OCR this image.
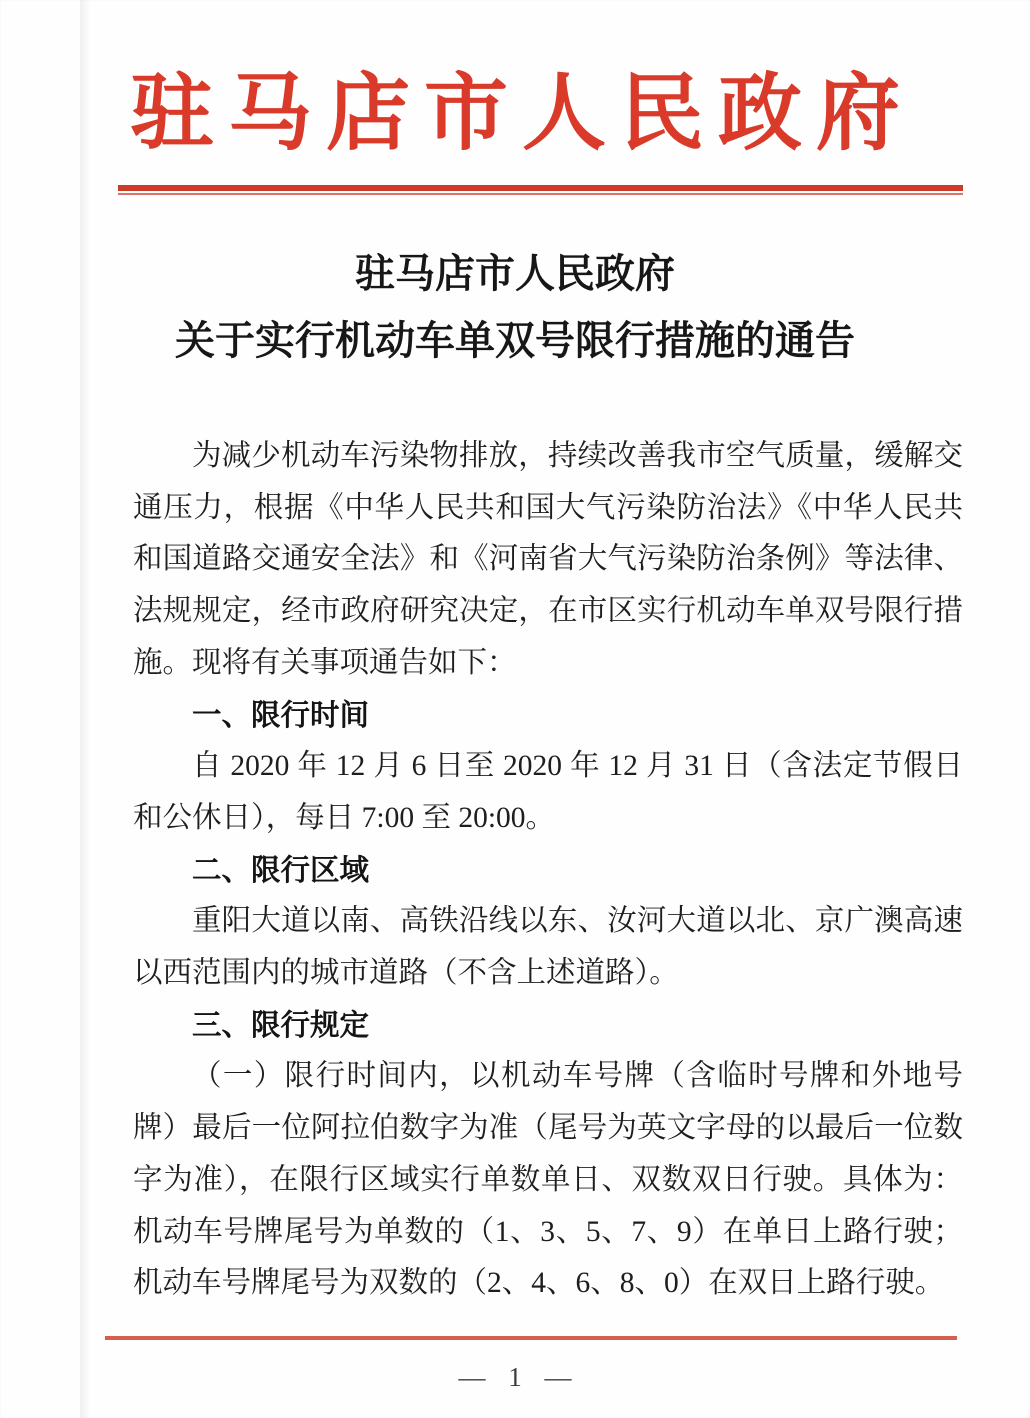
驻马店市人民政府
驻马店市人民政府
关于实行机动车单双号限行措施的通告

为减少机动车污染物排放，持续改善我市空气质量，缓解交通压力，根据《中华人民共和国大气污染防治法》《中华人民共和国道路交通安全法》和《河南省大气污染防治条例》等法律、法规规定，经市政府研究决定，在市区实行机动车单双号限行措施。现将有关事项通告如下：

一、限行时间

自 2020 年 12 月 6 日至 2020 年 12 月 31 日（含法定节假日和公休日），每日 7:00 至 20:00。

二、限行区域

重阳大道以南、高铁沿线以东、汝河大道以北、京广澳高速以西范围内的城市道路（不含上述道路）。

三、限行规定

（一）限行时间内，以机动车号牌（含临时号牌和外地号牌）最后一位阿拉伯数字为准（尾号为英文字母的以最后一位数字为准），在限行区域实行单数单日、双数双日行驶。具体为：机动车号牌尾号为单数的（1、3、5、7、9）在单日上路行驶；机动车号牌尾号为双数的（2、4、6、8、0）在双日上路行驶。

— 1 —
